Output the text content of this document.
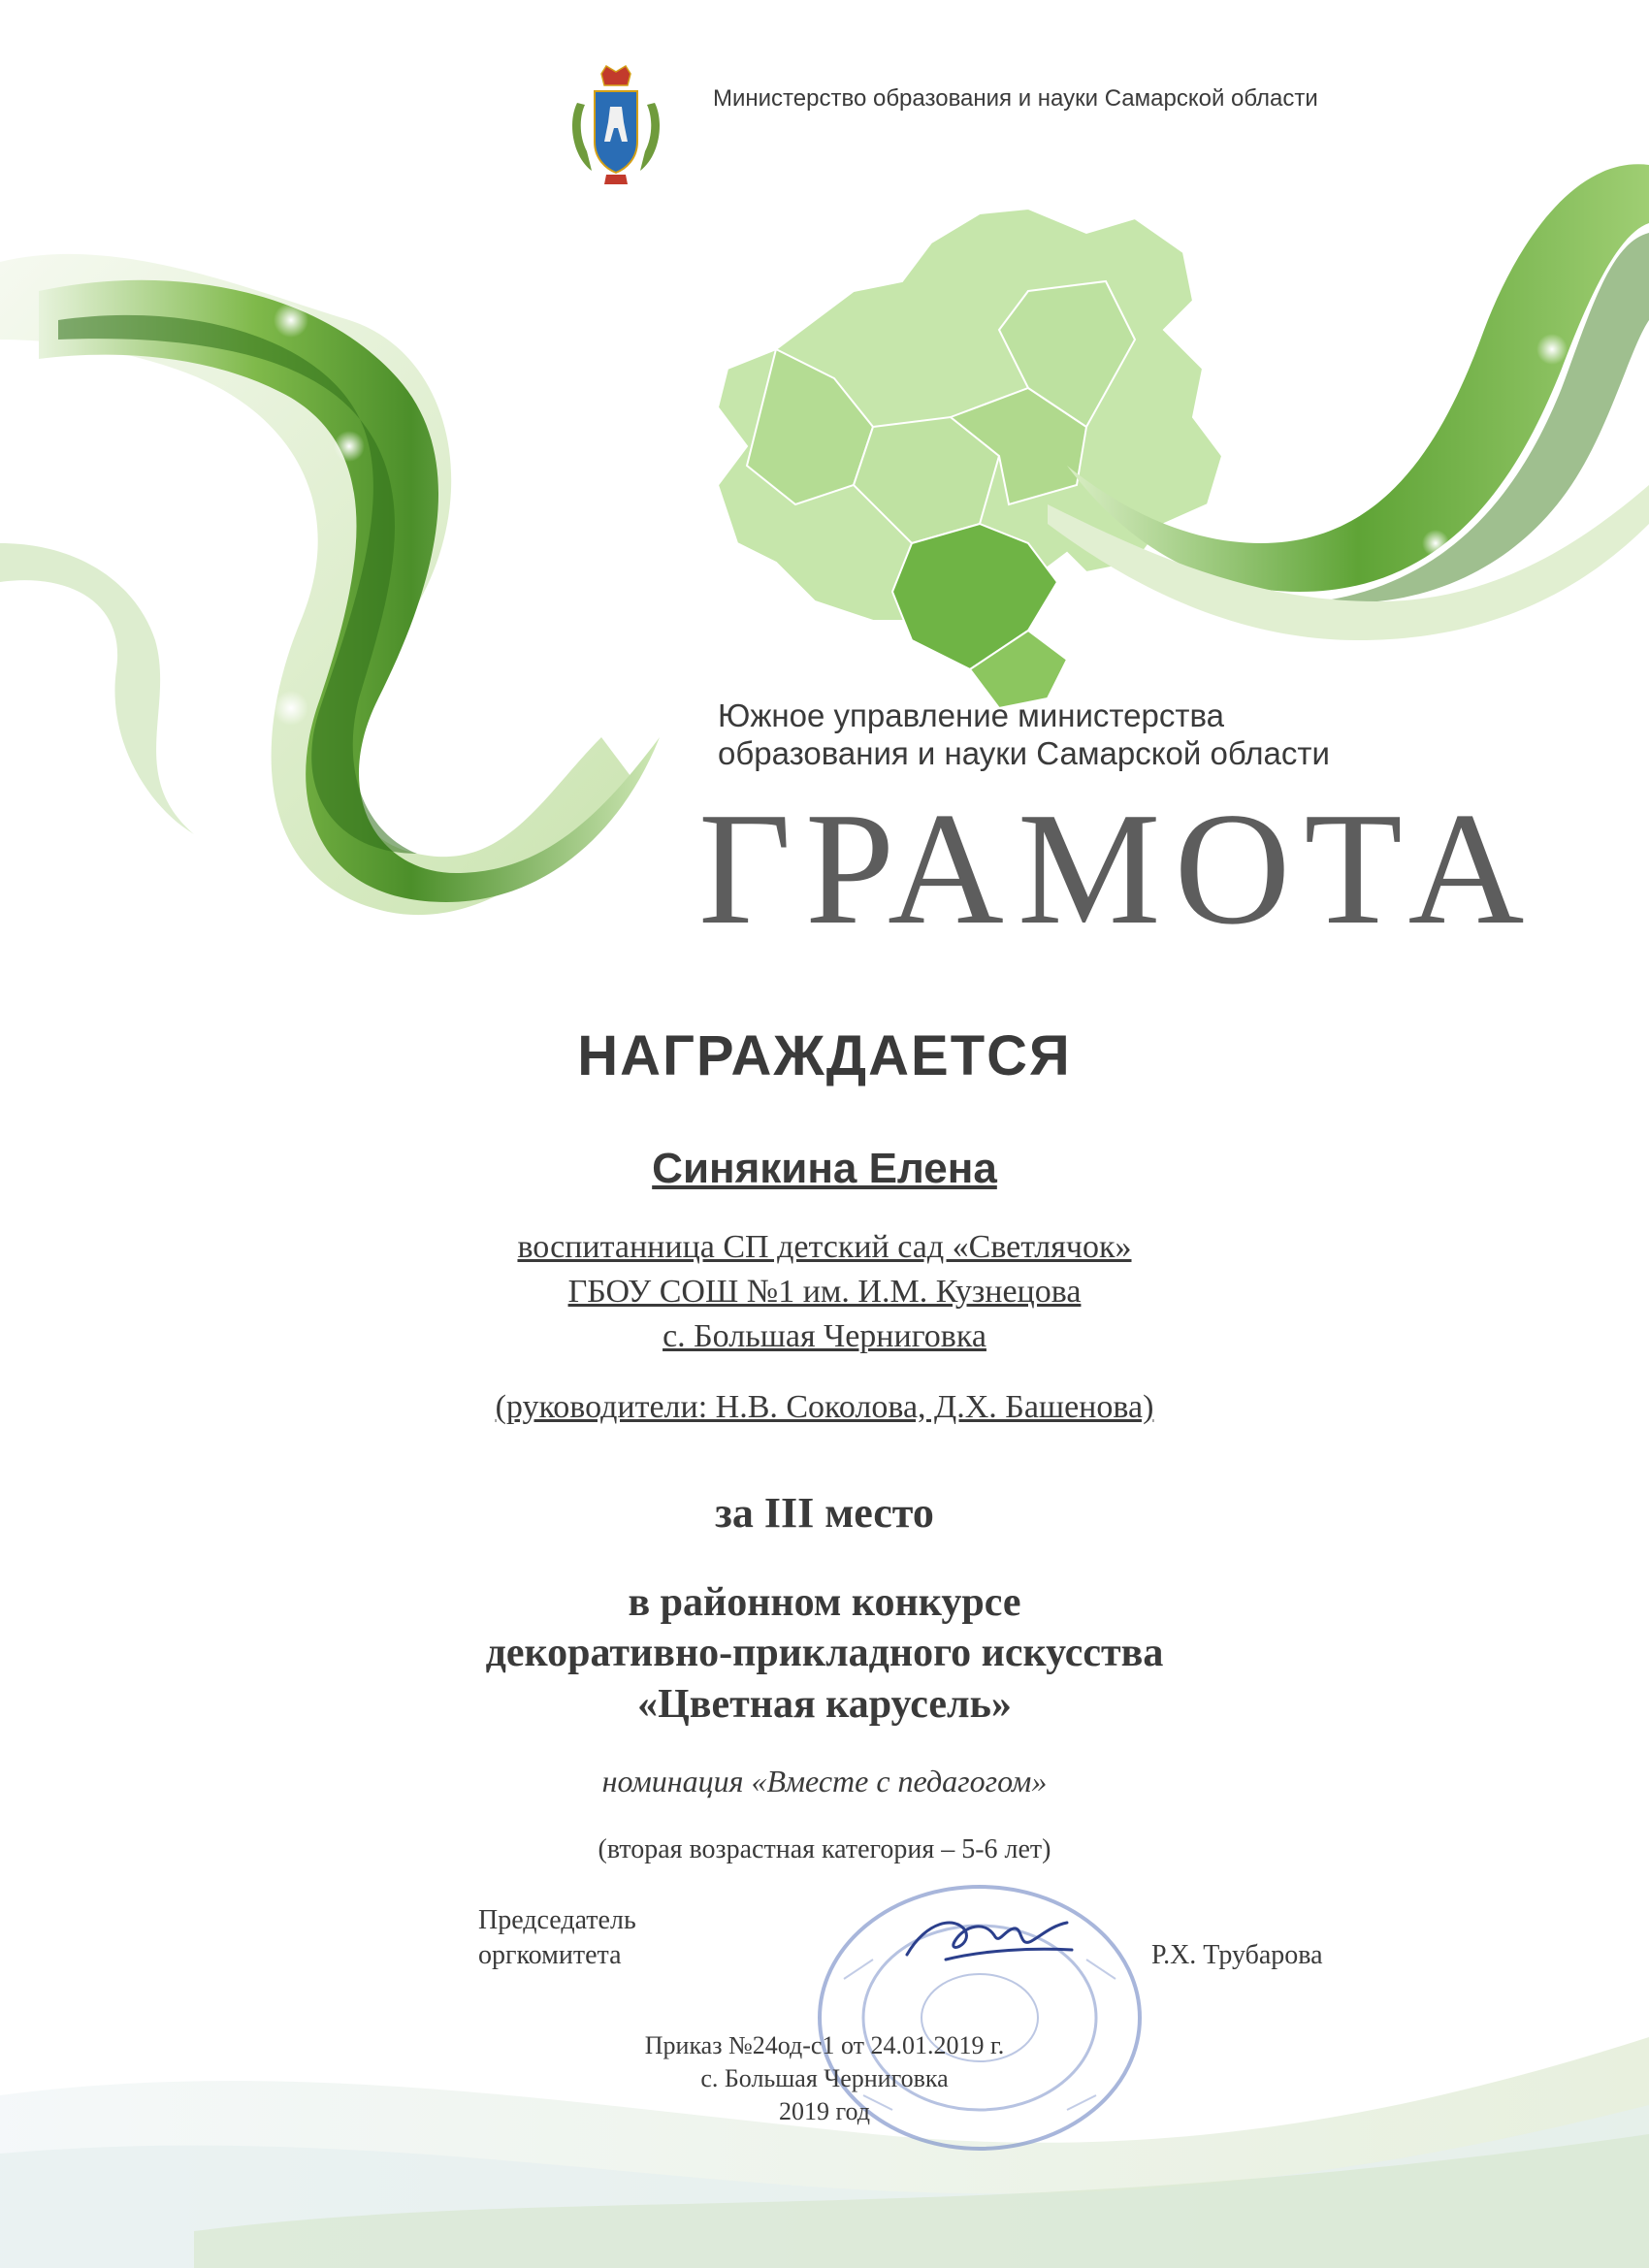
Министерство образования и науки Самарской области
Южное управление министерства
образования и науки Самарской области
ГРАМОТА
НАГРАЖДАЕТСЯ
Синякина Елена
воспитанница СП детский сад «Светлячок»
ГБОУ СОШ №1 им. И.М. Кузнецова
с. Большая Черниговка
(руководители: Н.В. Соколова, Д.Х. Башенова)
за III место
в районном конкурсе
декоративно-прикладного искусства
«Цветная карусель»
номинация «Вместе с педагогом»
(вторая возрастная категория – 5-6 лет)
Председатель
оргкомитета	Р.Х. Трубарова
Приказ №24од-с1 от 24.01.2019 г.
с. Большая Черниговка
2019 год
